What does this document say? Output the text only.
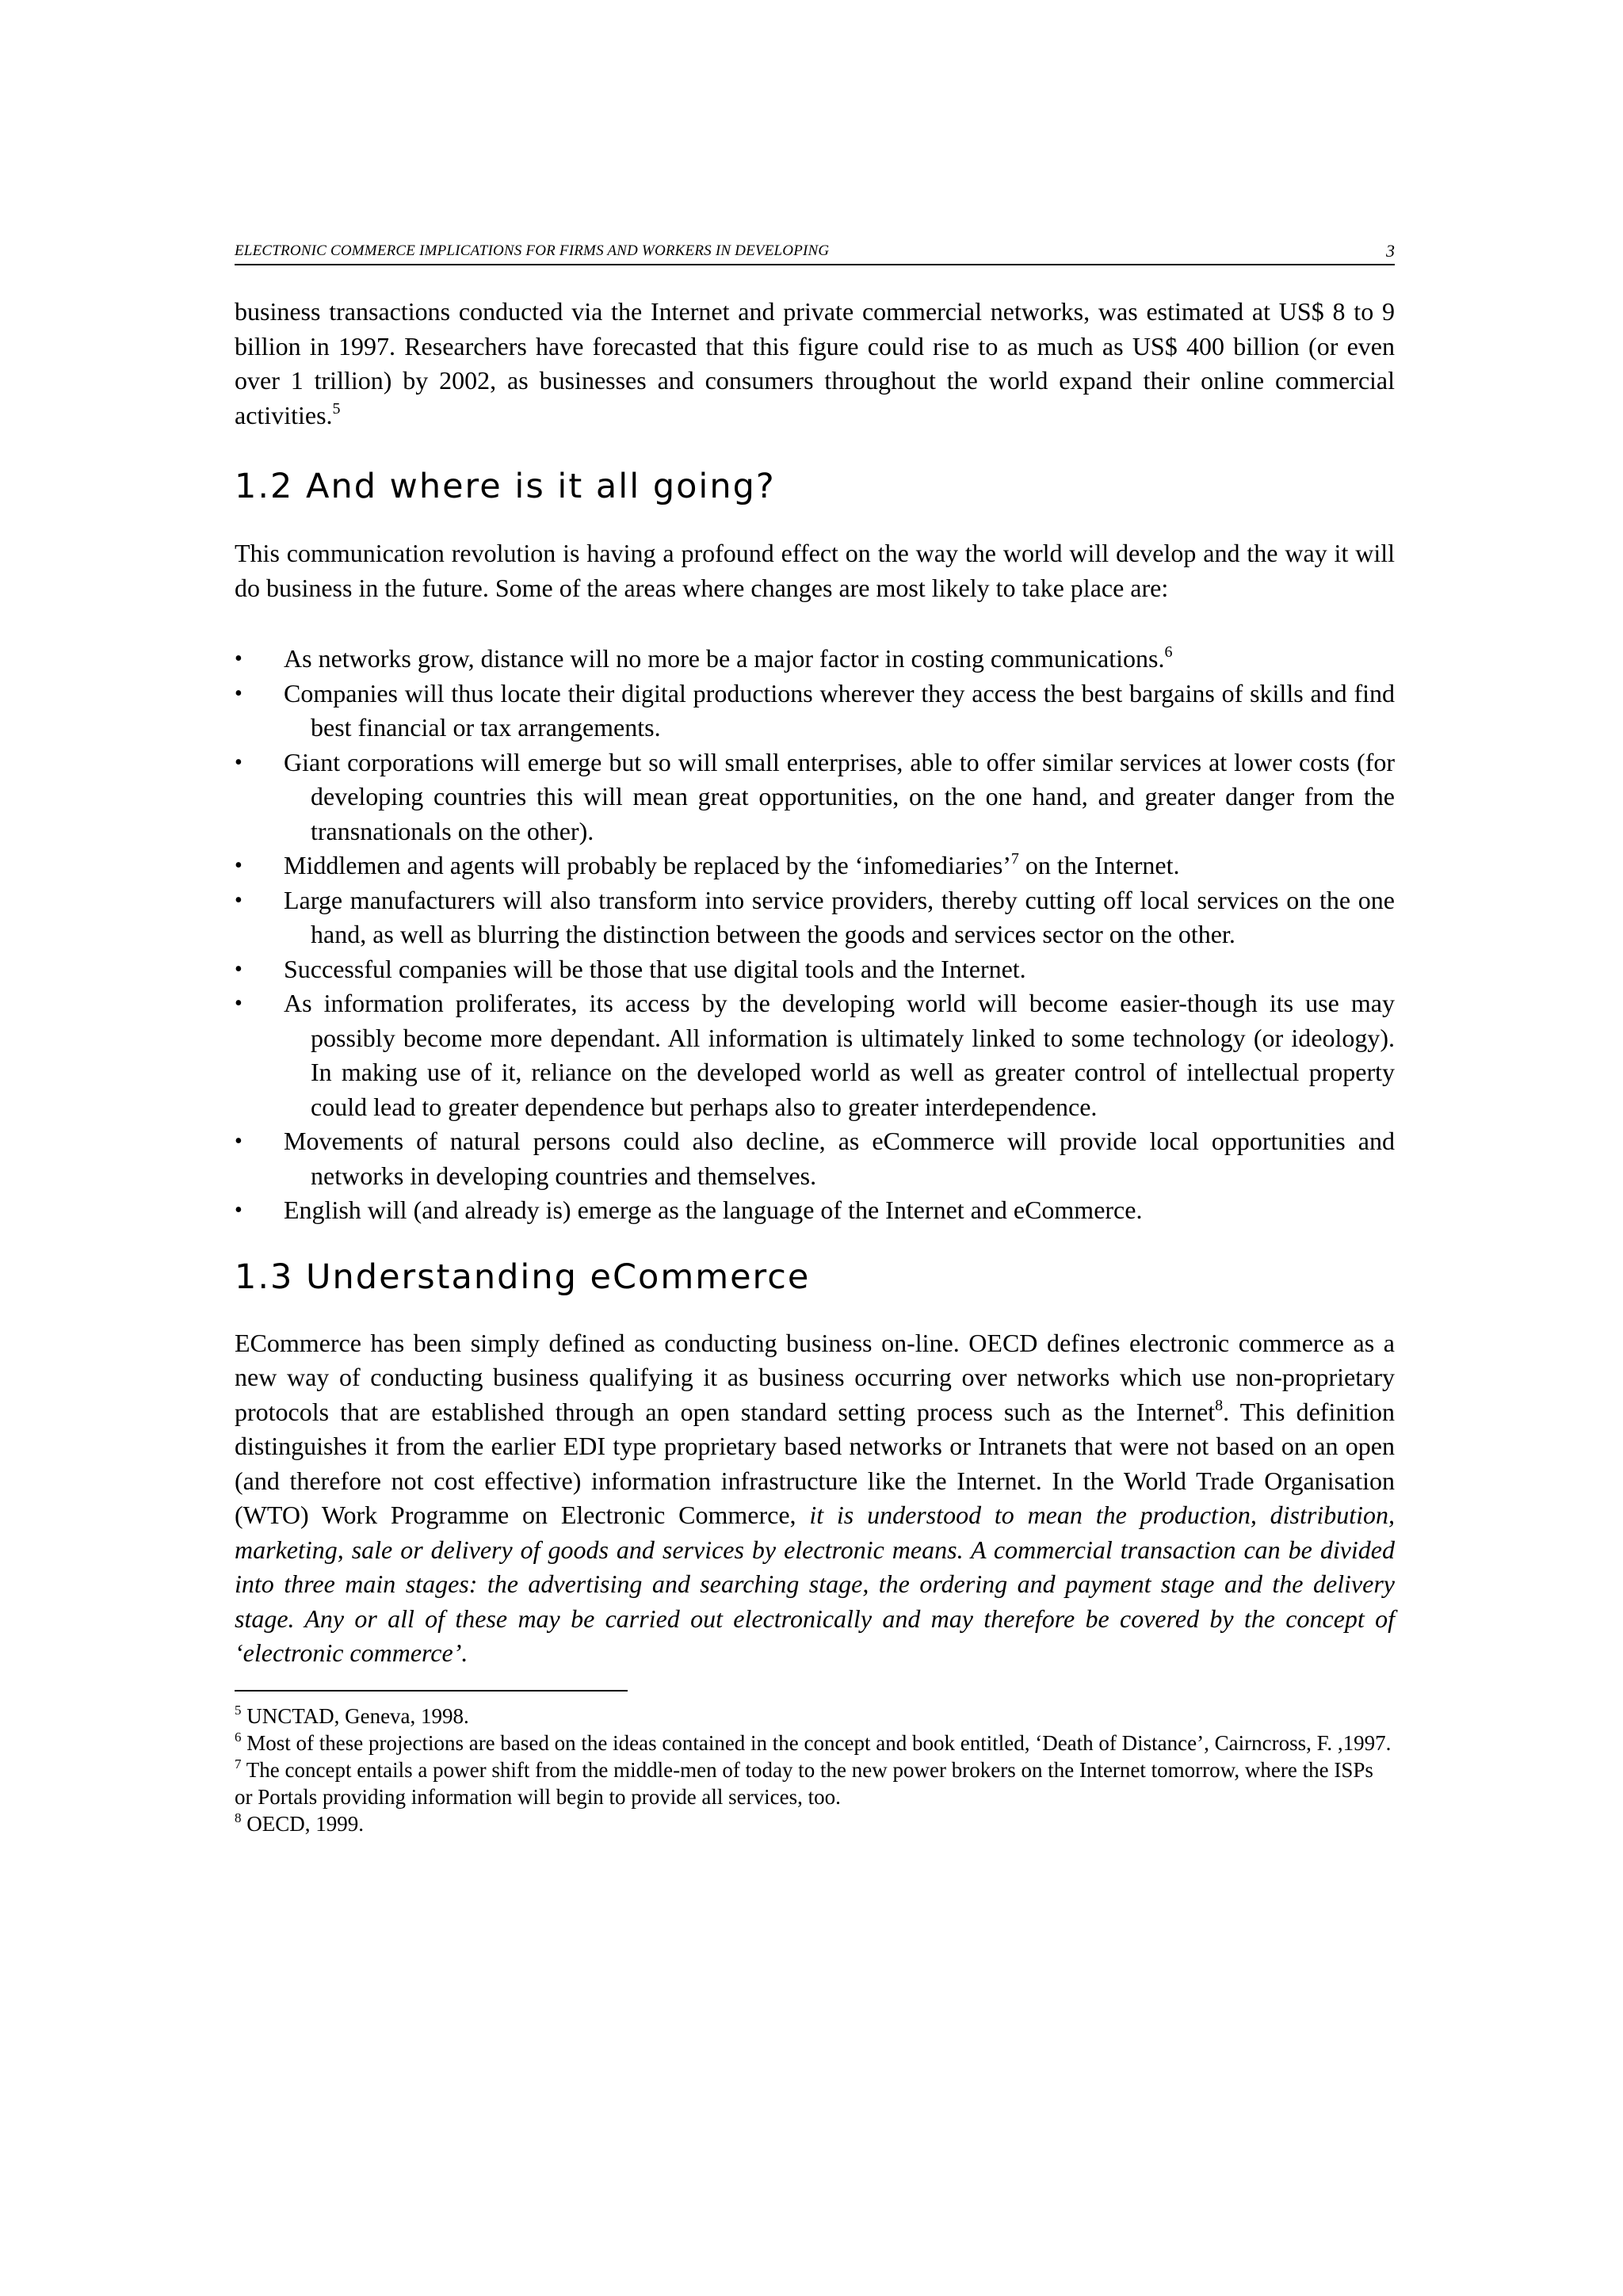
ELECTRONIC COMMERCE IMPLICATIONS FOR FIRMS AND WORKERS IN DEVELOPING	3

business transactions conducted via the Internet and private commercial networks, was estimated at US$ 8 to 9 billion in 1997. Researchers have forecasted that this figure could rise to as much as US$ 400 billion (or even over 1 trillion) by 2002, as businesses and consumers throughout the world expand their online commercial activities.$^5$

1.2 And where is it all going?

This communication revolution is having a profound effect on the way the world will develop and the way it will do business in the future. Some of the areas where changes are most likely to take place are:

•	As networks grow, distance will no more be a major factor in costing communications.$^6$
•	Companies will thus locate their digital productions wherever they access the best bargains of skills and find best financial or tax arrangements.
•	Giant corporations will emerge but so will small enterprises, able to offer similar services at lower costs (for developing countries this will mean great opportunities, on the one hand, and greater danger from the transnationals on the other).
•	Middlemen and agents will probably be replaced by the ‘infomediaries’$^7$ on the Internet.
•	Large manufacturers will also transform into service providers, thereby cutting off local services on the one hand, as well as blurring the distinction between the goods and services sector on the other.
•	Successful companies will be those that use digital tools and the Internet.
•	As information proliferates, its access by the developing world will become easier-though its use may possibly become more dependant. All information is ultimately linked to some technology (or ideology). In making use of it, reliance on the developed world as well as greater control of intellectual property could lead to greater dependence but perhaps also to greater interdependence.
•	Movements of natural persons could also decline, as eCommerce will provide local opportunities and networks in developing countries and themselves.
•	English will (and already is) emerge as the language of the Internet and eCommerce.
1.3 Understanding eCommerce

ECommerce has been simply defined as conducting business on-line. OECD defines electronic commerce as a new way of conducting business qualifying it as business occurring over networks which use non-proprietary protocols that are established through an open standard setting process such as the Internet$^8$. This definition distinguishes it from the earlier EDI type proprietary based networks or Intranets that were not based on an open (and therefore not cost effective) information infrastructure like the Internet. In the World Trade Organisation (WTO) Work Programme on Electronic Commerce, it is understood to mean the production, distribution, marketing, sale or delivery of goods and services by electronic means. A commercial transaction can be divided into three main stages: the advertising and searching stage, the ordering and payment stage and the delivery stage. Any or all of these may be carried out electronically and may therefore be covered by the concept of ‘electronic commerce’.

$^5$ UNCTAD, Geneva, 1998.

$^6$ Most of these projections are based on the ideas contained in the concept and book entitled, ‘Death of Distance’, Cairncross, F. ,1997.

$^7$ The concept entails a power shift from the middle-men of today to the new power brokers on the Internet tomorrow, where the ISPs or Portals providing information will begin to provide all services, too.

$^8$ OECD, 1999.
